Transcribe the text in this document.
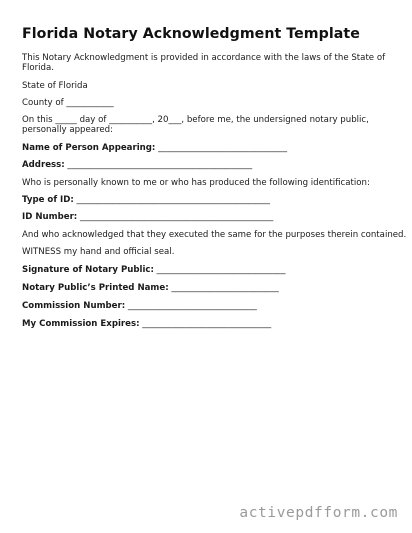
Florida Notary Acknowledgment Template
This Notary Acknowledgment is provided in accordance with the laws of the State of
Florida.
State of Florida
County of ___________
On this _____ day of __________, 20___, before me, the undersigned notary public,
personally appeared:
Name of Person Appearing: ______________________________
Address: ___________________________________________
Who is personally known to me or who has produced the following identification:
Type of ID: _____________________________________________
ID Number: _____________________________________________
And who acknowledged that they executed the same for the purposes therein contained.
WITNESS my hand and official seal.
Signature of Notary Public: ______________________________
Notary Public’s Printed Name: _________________________
Commission Number: ______________________________
My Commission Expires: ______________________________
activepdfform.com
